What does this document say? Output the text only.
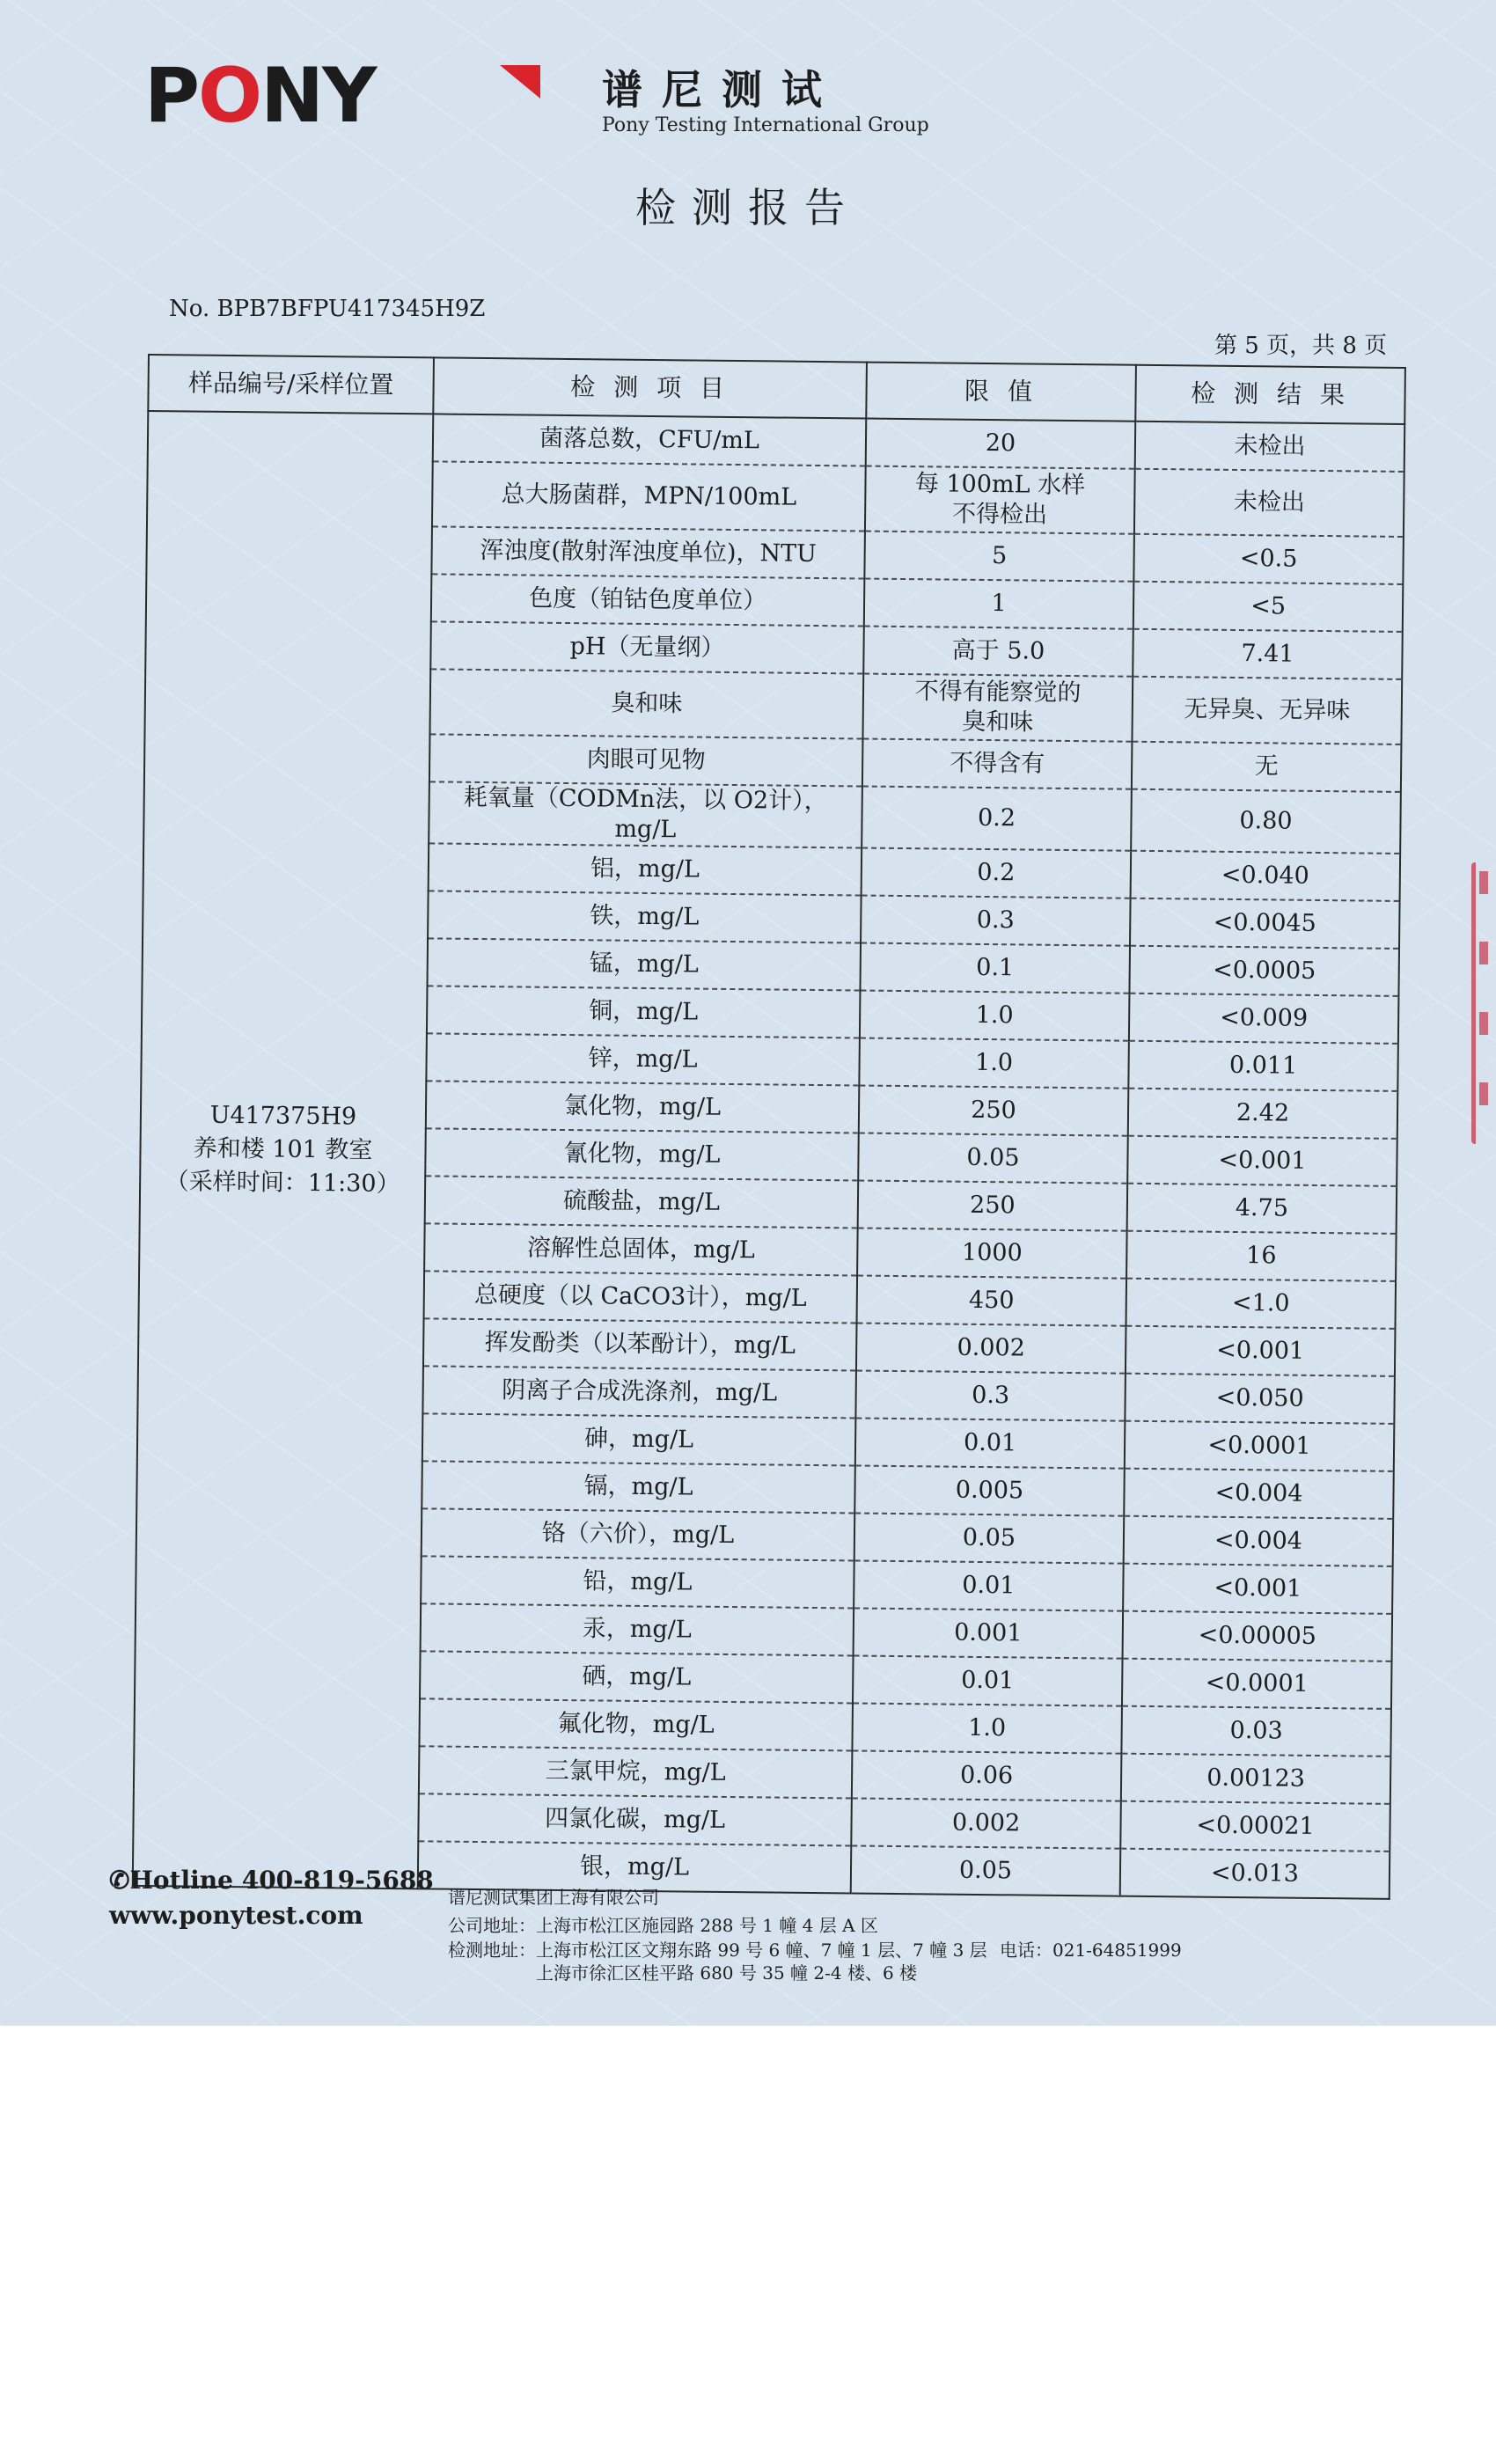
PONY	谱尼测试
Pony Testing International Group
检测报告
No. BPB7BFPU417345H9Z
第 5 页，共 8 页
样品编号/采样位置	检 测 项 目	限 值	检 测 结 果

U417375H9
养和楼 101 教室
（采样时间：11:30）	菌落总数，CFU/mL	20	未检出
	总大肠菌群，MPN/100mL	每 100mL 水样
不得检出	未检出
	浑浊度(散射浑浊度单位)，NTU	5	<0.5
	色度（铂钴色度单位）	1	<5
	pH（无量纲）	高于 5.0	7.41
	臭和味	不得有能察觉的
臭和味	无异臭、无异味
	肉眼可见物	不得含有	无
	耗氧量（CODMn法，以 O2计），mg/L	0.2	0.80
	铝，mg/L	0.2	<0.040
	铁，mg/L	0.3	<0.0045
	锰，mg/L	0.1	<0.0005
	铜，mg/L	1.0	<0.009
	锌，mg/L	1.0	0.011
	氯化物，mg/L	250	2.42
	氰化物，mg/L	0.05	<0.001
	硫酸盐，mg/L	250	4.75
	溶解性总固体，mg/L	1000	16
	总硬度（以 CaCO3计），mg/L	450	<1.0
	挥发酚类（以苯酚计），mg/L	0.002	<0.001
	阴离子合成洗涤剂，mg/L	0.3	<0.050
	砷，mg/L	0.01	<0.0001
	镉，mg/L	0.005	<0.004
	铬（六价），mg/L	0.05	<0.004
	铅，mg/L	0.01	<0.001
	汞，mg/L	0.001	<0.00005
	硒，mg/L	0.01	<0.0001
	氟化物，mg/L	1.0	0.03
	三氯甲烷，mg/L	0.06	0.00123
	四氯化碳，mg/L	0.002	<0.00021
	银，mg/L	0.05	<0.013
✆Hotline 400-819-5688
www.ponytest.com
谱尼测试集团上海有限公司
公司地址：上海市松江区施园路 288 号 1 幢 4 层 A 区
检测地址：上海市松江区文翔东路 99 号 6 幢、7 幢 1 层、7 幢 3 层
上海市徐汇区桂平路 680 号 35 幢 2-4 楼、6 楼
电话：021-64851999
